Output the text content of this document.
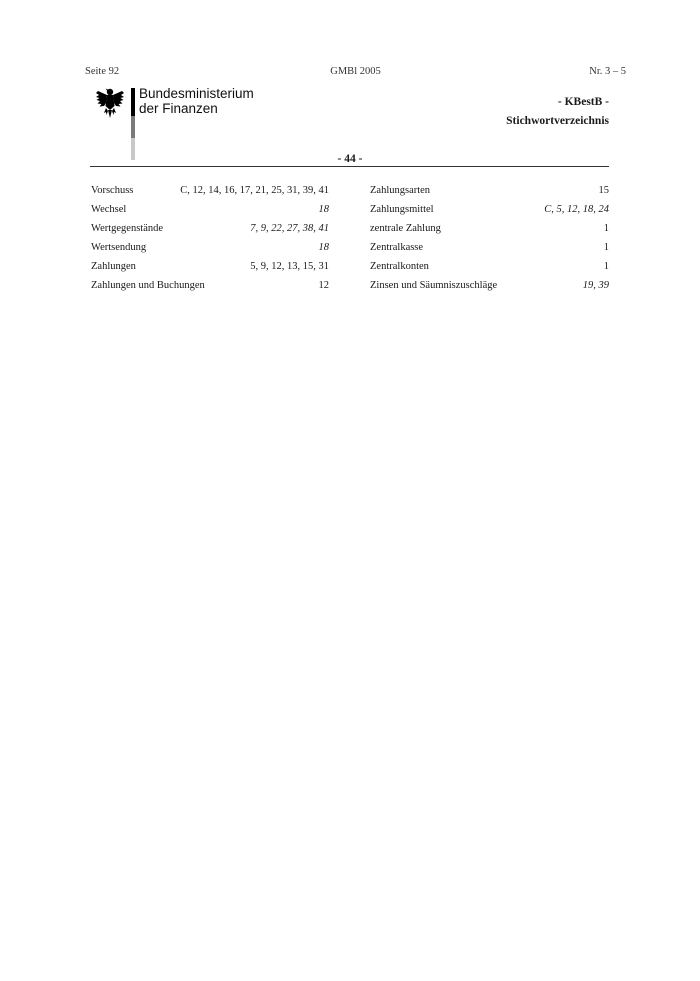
Seite 92	GMBl 2005	Nr. 3 – 5
Bundesministerium
der Finanzen	- KBestB -
Stichwortverzeichnis
- 44 -
Vorschuss	C, 12, 14, 16, 17, 21, 25, 31, 39, 41
Wechsel	18
Wertgegenstände	7, 9, 22, 27, 38, 41
Wertsendung	18
Zahlungen	5, 9, 12, 13, 15, 31
Zahlungen und Buchungen	12
Zahlungsarten	15
Zahlungsmittel	C, 5, 12, 18, 24
zentrale Zahlung	1
Zentralkasse	1
Zentralkonten	1
Zinsen und Säumniszuschläge	19, 39
